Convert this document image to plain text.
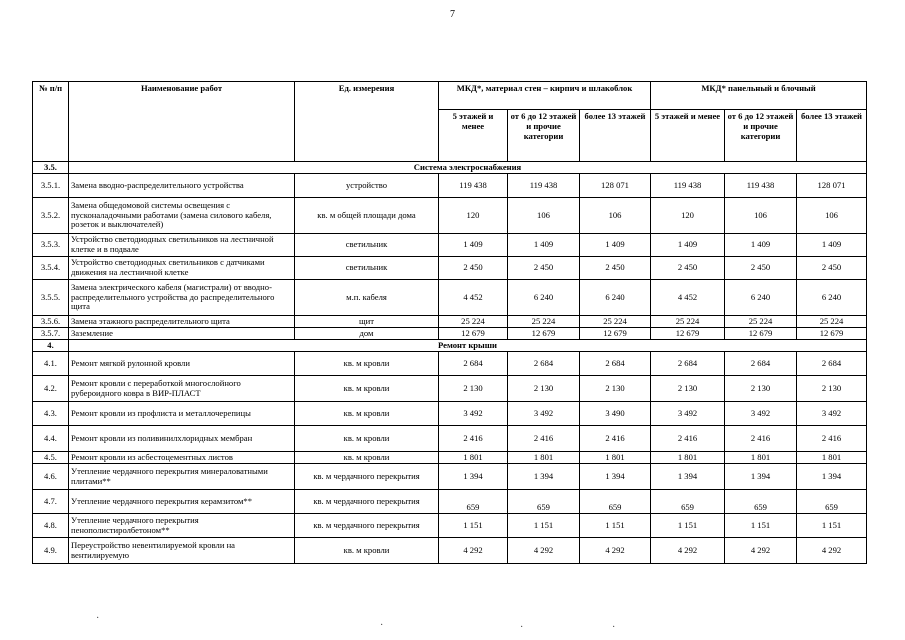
7
№ п/п	Наименование работ	Ед. измерения	МКД*, материал стен – кирпич и шлакоблок			МКД* панельный и блочный		
			5 этажей и менее	от 6 до 12 этажей и прочие категории	более 13 этажей	5 этажей и менее	от 6 до 12 этажей и прочие категории	более 13 этажей
3.5.	Система электроснабжения							
3.5.1.	Замена вводно-распределительного устройства	устройство	119 438	119 438	128 071	119 438	119 438	128 071
3.5.2.	Замена общедомовой системы освещения с пусконаладочными работами (замена силового кабеля, розеток и выключателей)	кв. м общей площади дома	120	106	106	120	106	106
3.5.3.	Устройство светодиодных светильников на лестничной клетке и в подвале	светильник	1 409	1 409	1 409	1 409	1 409	1 409
3.5.4.	Устройство светодиодных светильников с датчиками движения на лестничной клетке	светильник	2 450	2 450	2 450	2 450	2 450	2 450
3.5.5.	Замена электрического кабеля (магистрали) от вводно-распределительного устройства до распределительного щита	м.п. кабеля	4 452	6 240	6 240	4 452	6 240	6 240
3.5.6.	Замена этажного распределительного щита	щит	25 224	25 224	25 224	25 224	25 224	25 224
3.5.7.	Заземление	дом	12 679	12 679	12 679	12 679	12 679	12 679
4.	Ремонт крыши							
4.1.	Ремонт мягкой рулонной кровли	кв. м кровли	2 684	2 684	2 684	2 684	2 684	2 684
4.2.	Ремонт кровли с переработкой многослойного рубероидного ковра в ВИР-ПЛАСТ	кв. м кровли	2 130	2 130	2 130	2 130	2 130	2 130
4.3.	Ремонт кровли из профлиста и металлочерепицы	кв. м кровли	3 492	3 492	3 490	3 492	3 492	3 492
4.4.	Ремонт кровли из поливинилхлоридных мембран	кв. м кровли	2 416	2 416	2 416	2 416	2 416	2 416
4.5.	Ремонт кровли из асбестоцементных листов	кв. м кровли	1 801	1 801	1 801	1 801	1 801	1 801
4.6.	Утепление чердачного перекрытия минераловатными плитами**	кв. м чердачного перекрытия	1 394	1 394	1 394	1 394	1 394	1 394
4.7.	Утепление чердачного перекрытия керамзитом**	кв. м чердачного перекрытия	659	659	659	659	659	659
4.8.	Утепление чердачного перекрытия пенополистиролбетоном**	кв. м чердачного перекрытия	1 151	1 151	1 151	1 151	1 151	1 151
4.9.	Переустройство невентилируемой кровли на вентилируемую	кв. м кровли	4 292	4 292	4 292	4 292	4 292	4 292
·
·	·	·
